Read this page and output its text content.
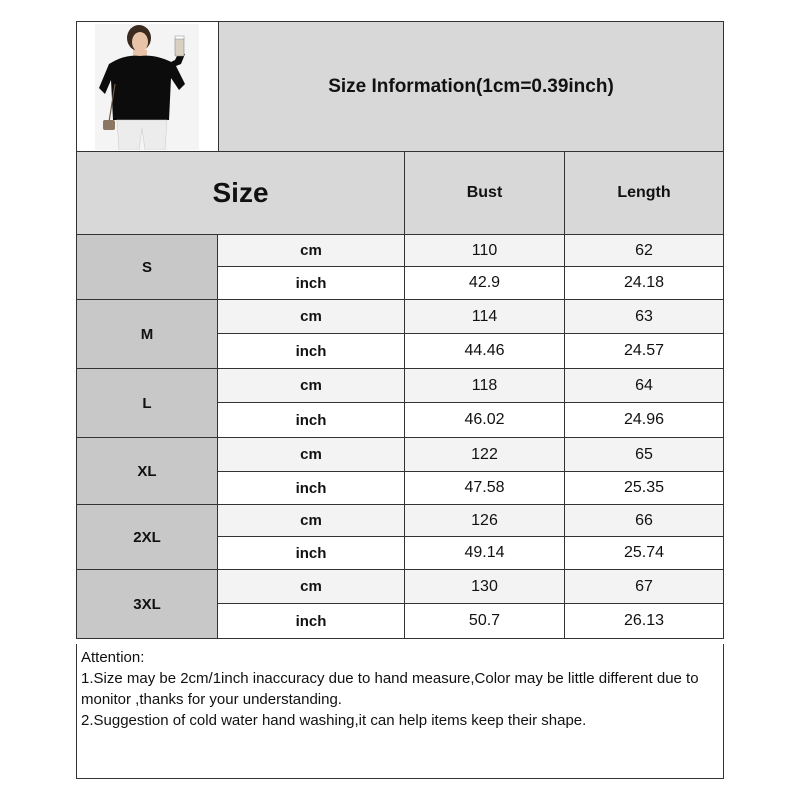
Size Information(1cm=0.39inch)
Size	Bust	Length
S
cm	110	62
inch	42.9	24.18
M
cm	114	63
inch	44.46	24.57
L
cm	118	64
inch	46.02	24.96
XL
cm	122	65
inch	47.58	25.35
2XL
cm	126	66
inch	49.14	25.74
3XL
cm	130	67
inch	50.7	26.13

Attention:

1.Size may be 2cm/1inch inaccuracy due to hand measure,Color may be little different due to monitor ,thanks for your understanding.

2.Suggestion of cold water hand washing,it can help items keep their shape.
